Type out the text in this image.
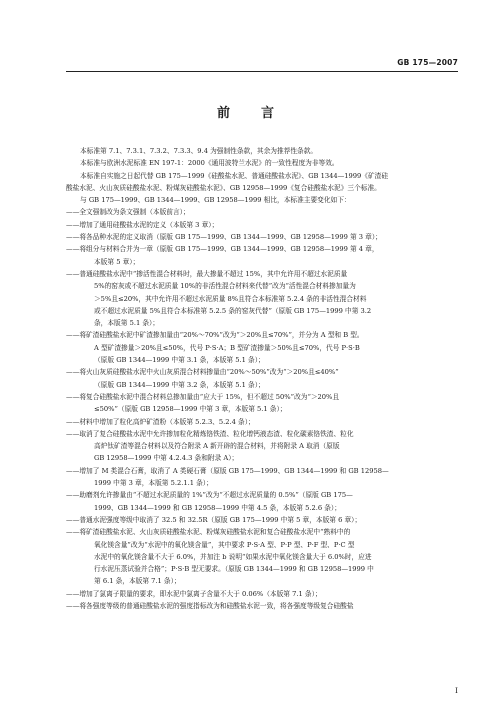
GB 175—2007
前　言

本标准第 7.1、7.3.1、7.3.2、7.3.3、9.4 为强制性条款，其余为推荐性条款。

本标准与欧洲水泥标准 EN 197-1：2000《通用波特兰水泥》的一致性程度为非等效。

本标准自实施之日起代替 GB 175—1999《硅酸盐水泥、普通硅酸盐水泥》、GB 1344—1999《矿渣硅

酸盐水泥、火山灰质硅酸盐水泥、粉煤灰硅酸盐水泥》、GB 12958—1999《复合硅酸盐水泥》三个标准。

与 GB 175—1999、GB 1344—1999、GB 12958—1999 相比，本标准主要变化如下：

——全文强制改为条文强制（本版前言）；

——增加了通用硅酸盐水泥的定义（本版第 3 章）；

——将各品种水泥的定义取消（原版 GB 175—1999、GB 1344—1999、GB 12958—1999 第 3 章）；

——将组分与材料合并为一章（原版 GB 175—1999、GB 1344—1999、GB 12958—1999 第 4 章，

本版第 5 章）；

——普通硅酸盐水泥中“掺活性混合材料时，最大掺量不超过 15%，其中允许用不超过水泥质量

5%的窑灰或不超过水泥质量 10%的非活性混合材料来代替”改为“活性混合材料掺加量为

＞5%且≤20%，其中允许用不超过水泥质量 8%且符合本标准第 5.2.4 条的非活性混合材料

或不超过水泥质量 5%且符合本标准第 5.2.5 条的窑灰代替”（原版 GB 175—1999 中第 3.2

条，本版第 5.1 条）；

——将矿渣硅酸盐水泥中矿渣掺加量由“20%～70%”改为“＞20%且≤70%”，并分为 A 型和 B 型。

A 型矿渣掺量＞20%且≤50%，代号 P·S·A；B 型矿渣掺量＞50%且≤70%，代号 P·S·B

（原版 GB 1344—1999 中第 3.1 条，本版第 5.1 条）；

——将火山灰质硅酸盐水泥中火山灰质混合材料掺量由“20%～50%”改为“＞20%且≤40%”

（原版 GB 1344—1999 中第 3.2 条，本版第 5.1 条）；

——将复合硅酸盐水泥中混合材料总掺加量由“应大于 15%，但不超过 50%”改为“＞20%且

≤50%”（原版 GB 12958—1999 中第 3 章，本版第 5.1 条）；

——材料中增加了粒化高炉矿渣粉（本版第 5.2.3、5.2.4 条）；

——取消了复合硅酸盐水泥中允许掺加粒化精炼铬铁渣、粒化增钙液态渣、粒化碳素铬铁渣、粒化

高炉钛矿渣等混合材料以及符合附录 A 新开辟的混合材料，并将附录 A 取消（原版

GB 12958—1999 中第 4.2.4.3 条和附录 A）；

——增加了 M 类混合石膏，取消了 A 类硬石膏（原版 GB 175—1999、GB 1344—1999 和 GB 12958—

1999 中第 3 章，本版第 5.2.1.1 条）；

——助磨剂允许掺量由“不超过水泥质量的 1%”改为“不超过水泥质量的 0.5%”（原版 GB 175—

1999、GB 1344—1999 和 GB 12958—1999 中第 4.5 条，本版第 5.2.6 条）；

——普通水泥强度等级中取消了 32.5 和 32.5R（原版 GB 175—1999 中第 5 章，本版第 6 章）；

——将矿渣硅酸盐水泥、火山灰质硅酸盐水泥、粉煤灰硅酸盐水泥和复合硅酸盐水泥中“熟料中的

氧化镁含量”改为“水泥中的氧化镁含量”，其中要求 P·S·A 型、P·P 型、P·F 型、P·C 型

水泥中的氧化镁含量不大于 6.0%，并加注 b 说明“如果水泥中氧化镁含量大于 6.0%时，应进

行水泥压蒸试验并合格”；P·S·B 型无要求。（原版 GB 1344—1999 和 GB 12958—1999 中

第 6.1 条，本版第 7.1 条）；

——增加了氯离子限量的要求，即水泥中氯离子含量不大于 0.06%（本版第 7.1 条）；

——将各强度等级的普通硅酸盐水泥的强度指标改为和硅酸盐水泥一致，将各强度等级复合硅酸盐

I
